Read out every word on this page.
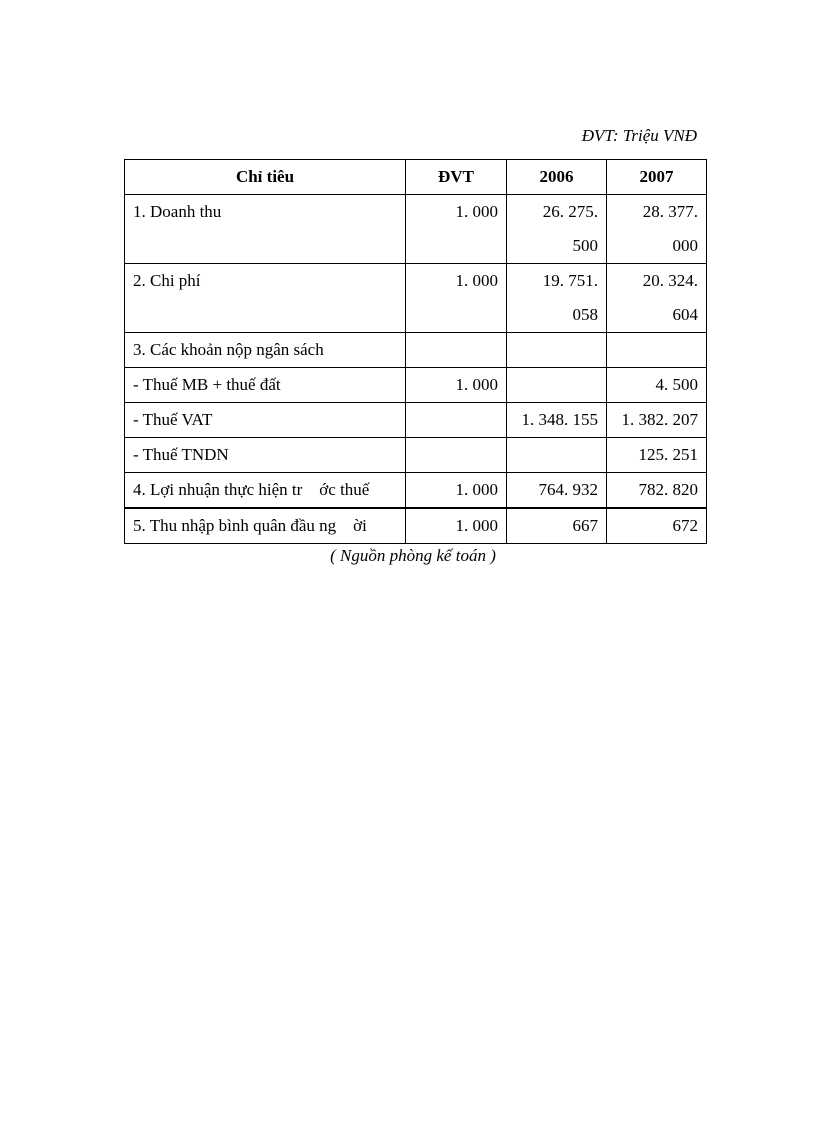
ĐVT: Triệu VNĐ
Chỉ tiêu	ĐVT	2006	2007
1. Doanh thu	1. 000	26. 275. 500	28. 377. 000
2. Chi phí	1. 000	19. 751. 058	20. 324. 604
3. Các khoản nộp ngân sách			
- Thuế MB + thuế đất	1. 000		4. 500
- Thuế VAT		1. 348. 155	1. 382. 207
- Thuế TNDN			125. 251
4. Lợi nhuận thực hiện tr    ớc thuế	1. 000	764. 932	782. 820
5. Thu nhập bình quân đầu ng    ời	1. 000	667	672
( Nguồn phòng kế toán )
